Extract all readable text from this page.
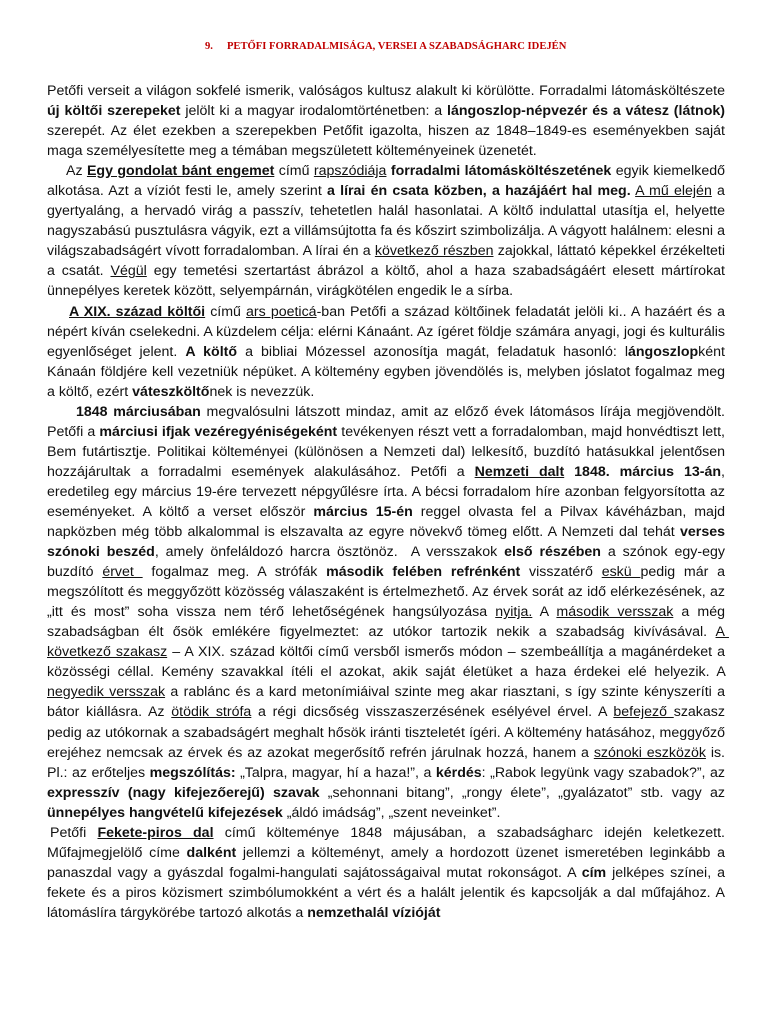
9. PETŐFI FORRADALMISÁGA, VERSEI A SZABADSÁGHARC IDEJÉN

Petőfi verseit a világon sokfelé ismerik, valóságos kultusz alakult ki körülötte. Forradalmi látomásköltészete új költői szerepeket jelölt ki a magyar irodalomtörténetben: a lángoszlop-népvezér és a vátesz (látnok) szerepét. Az élet ezekben a szerepekben Petőfit igazolta, hiszen az 1848–1849-es eseményekben saját maga személyesítette meg a témában megszületett költeményeinek üzenetét.

Az Egy gondolat bánt engemet című rapszódiája forradalmi látomásköltészetének egyik kiemelkedő alkotása. Azt a víziót festi le, amely szerint a lírai én csata közben, a hazájáért hal meg. A mű elején a gyertyaláng, a hervadó virág a passzív, tehetetlen halál hasonlatai. A költő indulattal utasítja el, helyette nagyszabású pusztulásra vágyik, ezt a villámsújtotta fa és kőszirt szimbolizálja. A vágyott halálnem: elesni a világszabadságért vívott forradalomban. A lírai én a következő részben zajokkal, láttató képekkel érzékelteti a csatát. Végül egy temetési szertartást ábrázol a költő, ahol a haza szabadságáért elesett mártírokat ünnepélyes keretek között, selyempárnán, virágkötélen engedik le a sírba.

A XIX. század költői című ars poeticá-ban Petőfi a század költőinek feladatát jelöli ki.. A hazáért és a népért kíván cselekedni. A küzdelem célja: elérni Kánaánt. Az ígéret földje számára anyagi, jogi és kulturális egyenlőséget jelent. A költő a bibliai Mózessel azonosítja magát, feladatuk hasonló: lángoszlopként Kánaán földjére kell vezetniük népüket. A költemény egyben jövendölés is, melyben jóslatot fogalmaz meg a költő, ezért váteszköltőnek is nevezzük.

1848 márciusában megvalósulni látszott mindaz, amit az előző évek látomásos lírája megjövendölt. Petőfi a márciusi ifjak vezéregyéniségeként tevékenyen részt vett a forradalomban, majd honvédtiszt lett, Bem futártisztje. Politikai költeményei (különösen a Nemzeti dal) lelkesítő, buzdító hatásukkal jelentősen hozzájárultak a forradalmi események alakulásához. Petőfi a Nemzeti dalt 1848. március 13-án, eredetileg egy március 19-ére tervezett népgyűlésre írta. A bécsi forradalom híre azonban felgyorsította az eseményeket. A költő a verset először március 15-én reggel olvasta fel a Pilvax kávéházban, majd napközben még több alkalommal is elszavalta az egyre növekvő tömeg előtt. A Nemzeti dal tehát verses szónoki beszéd, amely önfeláldozó harcra ösztönöz.  A versszakok első részében a szónok egy-egy buzdító érvet  fogalmaz meg. A strófák második felében refrénként visszatérő eskü pedig már a megszólított és meggyőzött közösség válaszaként is értelmezhető. Az érvek sorát az idő elérkezésének, az „itt és most” soha vissza nem térő lehetőségének hangsúlyozása nyitja. A második versszak a még szabadságban élt ősök emlékére figyelmeztet: az utókor tartozik nekik a szabadság kivívásával. A következő szakasz – A XIX. század költői című versből ismerős módon – szembeállítja a magánérdeket a közösségi céllal. Kemény szavakkal ítéli el azokat, akik saját életüket a haza érdekei elé helyezik. A negyedik versszak a rablánc és a kard metonímiáival szinte meg akar riasztani, s így szinte kényszeríti a bátor kiállásra. Az ötödik strófa a régi dicsőség visszaszerzésének esélyével érvel. A befejező szakasz pedig az utókornak a szabadságért meghalt hősök iránti tiszteletét ígéri. A költemény hatásához, meggyőző erejéhez nemcsak az érvek és az azokat megerősítő refrén járulnak hozzá, hanem a szónoki eszközök is. Pl.: az erőteljes megszólítás: „Talpra, magyar, hí a haza!”, a kérdés: „Rabok legyünk vagy szabadok?”, az expresszív (nagy kifejezőerejű) szavak „sehonnani bitang”, „rongy élete”, „gyalázatot” stb. vagy az ünnepélyes hangvételű kifejezések „áldó imádság”, „szent neveinket”.

Petőfi Fekete-piros dal című költeménye 1848 májusában, a szabadságharc idején keletkezett. Műfajmegjelölő címe dalként jellemzi a költeményt, amely a hordozott üzenet ismeretében leginkább a panaszdal vagy a gyászdal fogalmi-hangulati sajátosságaival mutat rokonságot. A cím jelképes színei, a fekete és a piros közismert szimbólumokként a vért és a halált jelentik és kapcsolják a dal műfajához. A látomáslíra tárgykörébe tartozó alkotás a nemzethalál vízióját
